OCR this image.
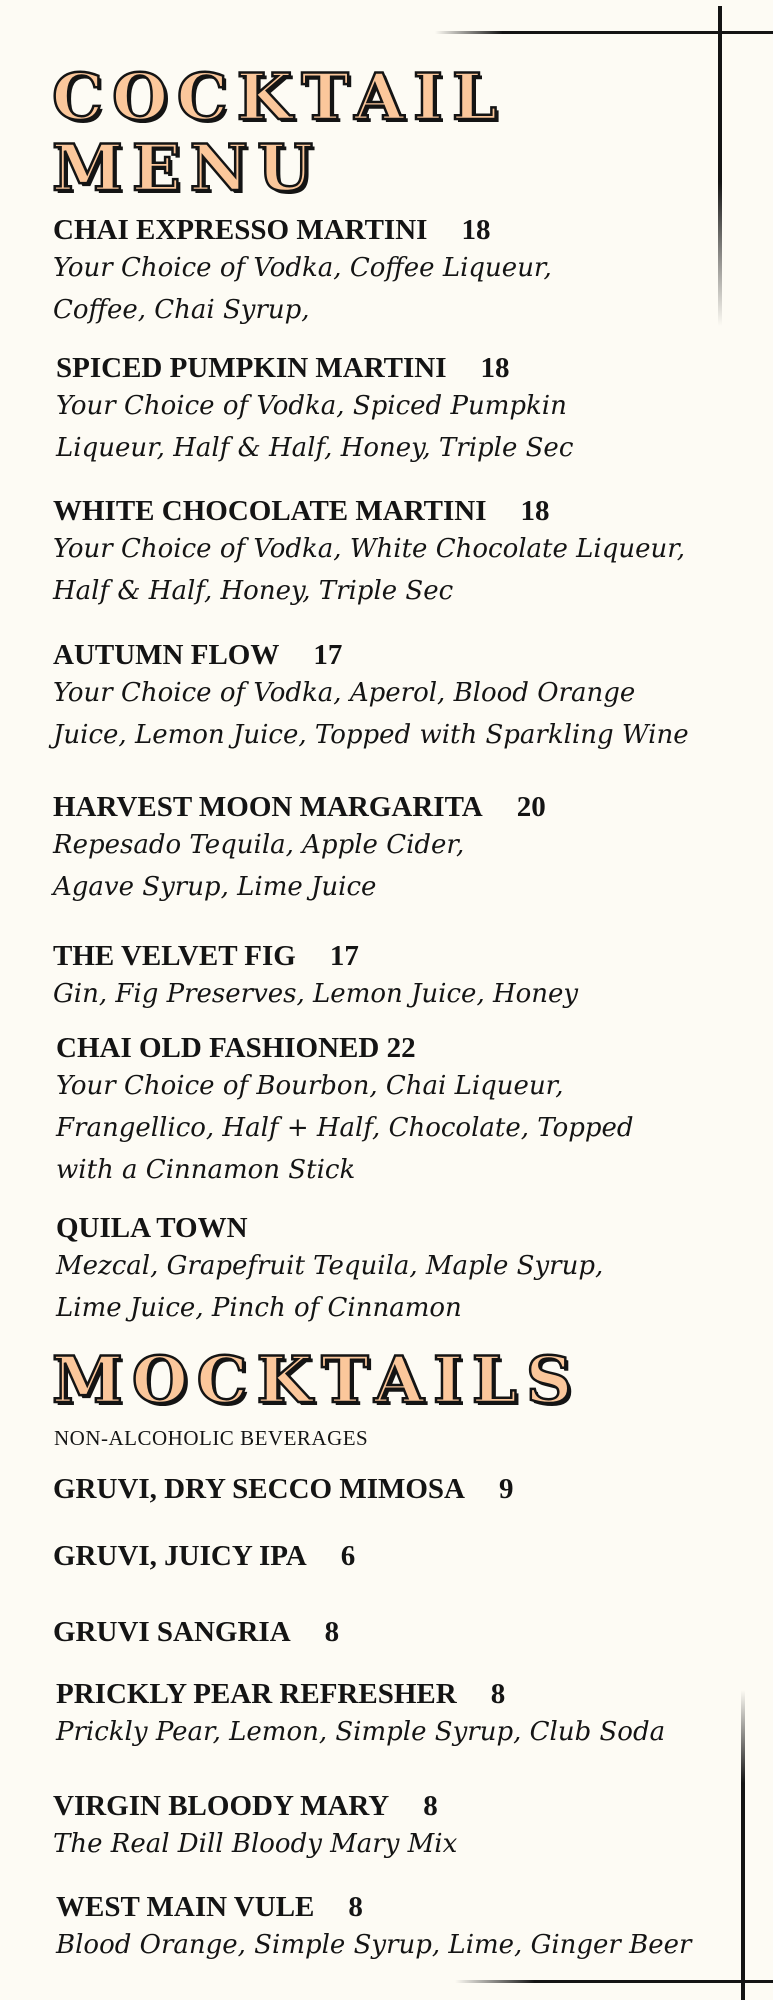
COCKTAIL
MENU
CHAI EXPRESSO MARTINI 18
Your Choice of Vodka, Coffee Liqueur,
Coffee, Chai Syrup,
SPICED PUMPKIN MARTINI 18
Your Choice of Vodka, Spiced Pumpkin
Liqueur, Half & Half, Honey, Triple Sec
WHITE CHOCOLATE MARTINI 18
Your Choice of Vodka, White Chocolate Liqueur,
Half & Half, Honey, Triple Sec
AUTUMN FLOW 17
Your Choice of Vodka, Aperol, Blood Orange
Juice, Lemon Juice, Topped with Sparkling Wine
HARVEST MOON MARGARITA 20
Repesado Tequila, Apple Cider,
Agave Syrup, Lime Juice
THE VELVET FIG 17
Gin, Fig Preserves, Lemon Juice, Honey
CHAI OLD FASHIONED 22
Your Choice of Bourbon, Chai Liqueur,
Frangellico, Half + Half, Chocolate, Topped
with a Cinnamon Stick
QUILA TOWN
Mezcal, Grapefruit Tequila, Maple Syrup,
Lime Juice, Pinch of Cinnamon
MOCKTAILS

NON-ALCOHOLIC BEVERAGES

GRUVI, DRY SECCO MIMOSA 9
GRUVI, JUICY IPA 6
GRUVI SANGRIA 8
PRICKLY PEAR REFRESHER 8
Prickly Pear, Lemon, Simple Syrup, Club Soda
VIRGIN BLOODY MARY 8
The Real Dill Bloody Mary Mix
WEST MAIN VULE 8
Blood Orange, Simple Syrup, Lime, Ginger Beer
